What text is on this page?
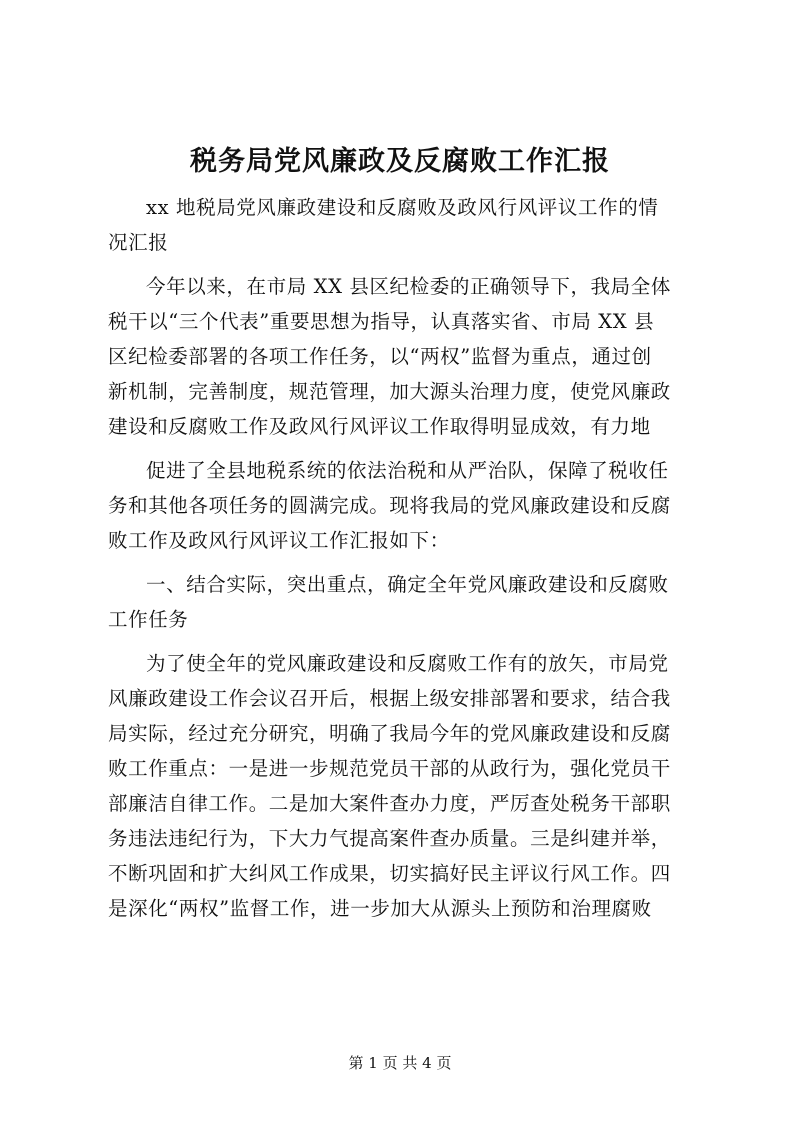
税务局党风廉政及反腐败工作汇报
xx 地税局党风廉政建设和反腐败及政风行风评议工作的情
况汇报
今年以来，在市局 XX 县区纪检委的正确领导下，我局全体
税干以“三个代表”重要思想为指导，认真落实省、市局 XX 县
区纪检委部署的各项工作任务，以“两权”监督为重点，通过创
新机制，完善制度，规范管理，加大源头治理力度，使党风廉政
建设和反腐败工作及政风行风评议工作取得明显成效，有力地
促进了全县地税系统的依法治税和从严治队，保障了税收任
务和其他各项任务的圆满完成。现将我局的党风廉政建设和反腐
败工作及政风行风评议工作汇报如下：
一、结合实际，突出重点，确定全年党风廉政建设和反腐败
工作任务
为了使全年的党风廉政建设和反腐败工作有的放矢，市局党
风廉政建设工作会议召开后，根据上级安排部署和要求，结合我
局实际，经过充分研究，明确了我局今年的党风廉政建设和反腐
败工作重点：一是进一步规范党员干部的从政行为，强化党员干
部廉洁自律工作。二是加大案件查办力度，严厉查处税务干部职
务违法违纪行为，下大力气提高案件查办质量。三是纠建并举，
不断巩固和扩大纠风工作成果，切实搞好民主评议行风工作。四
是深化“两权”监督工作，进一步加大从源头上预防和治理腐败
第 1 页 共 4 页
